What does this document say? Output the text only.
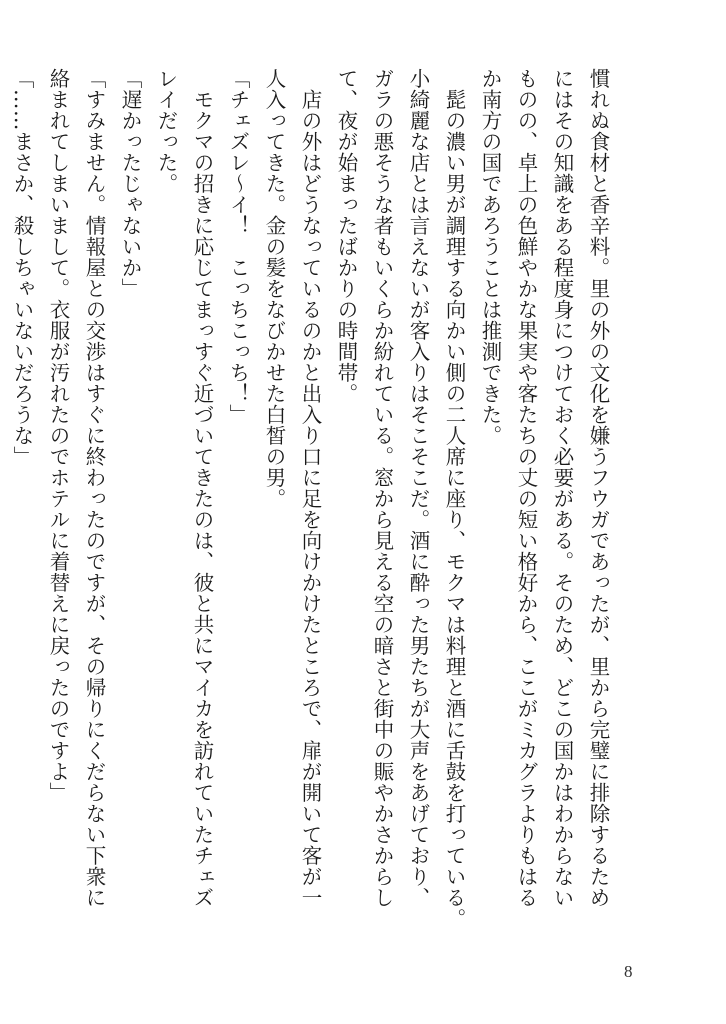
慣れぬ食材と香辛料。里の外の文化を嫌うフウガであったが、里から完璧に排除するため
にはその知識をある程度身につけておく必要がある。そのため、どこの国かはわからない
ものの、卓上の色鮮やかな果実や客たちの丈の短い格好から、ここがミカグラよりもはる
か南方の国であろうことは推測できた。
　髭の濃い男が調理する向かい側の二人席に座り、モクマは料理と酒に舌鼓を打っている。
小綺麗な店とは言えないが客入りはそこそこだ。酒に酔った男たちが大声をあげており、
ガラの悪そうな者もいくらか紛れている。窓から見える空の暗さと街中の賑やかさからし
て、夜が始まったばかりの時間帯。
　店の外はどうなっているのかと出入り口に足を向けかけたところで、扉が開いて客が一
人入ってきた。金の髪をなびかせた白皙の男。
「チェズレ〜イ！　こっちこっち！」
　モクマの招きに応じてまっすぐ近づいてきたのは、彼と共にマイカを訪れていたチェズ
レイだった。
「遅かったじゃないか」
「すみません。情報屋との交渉はすぐに終わったのですが、その帰りにくだらない下衆に
絡まれてしまいまして。衣服が汚れたのでホテルに着替えに戻ったのですよ」
「……まさか、殺しちゃいないだろうな」
8
